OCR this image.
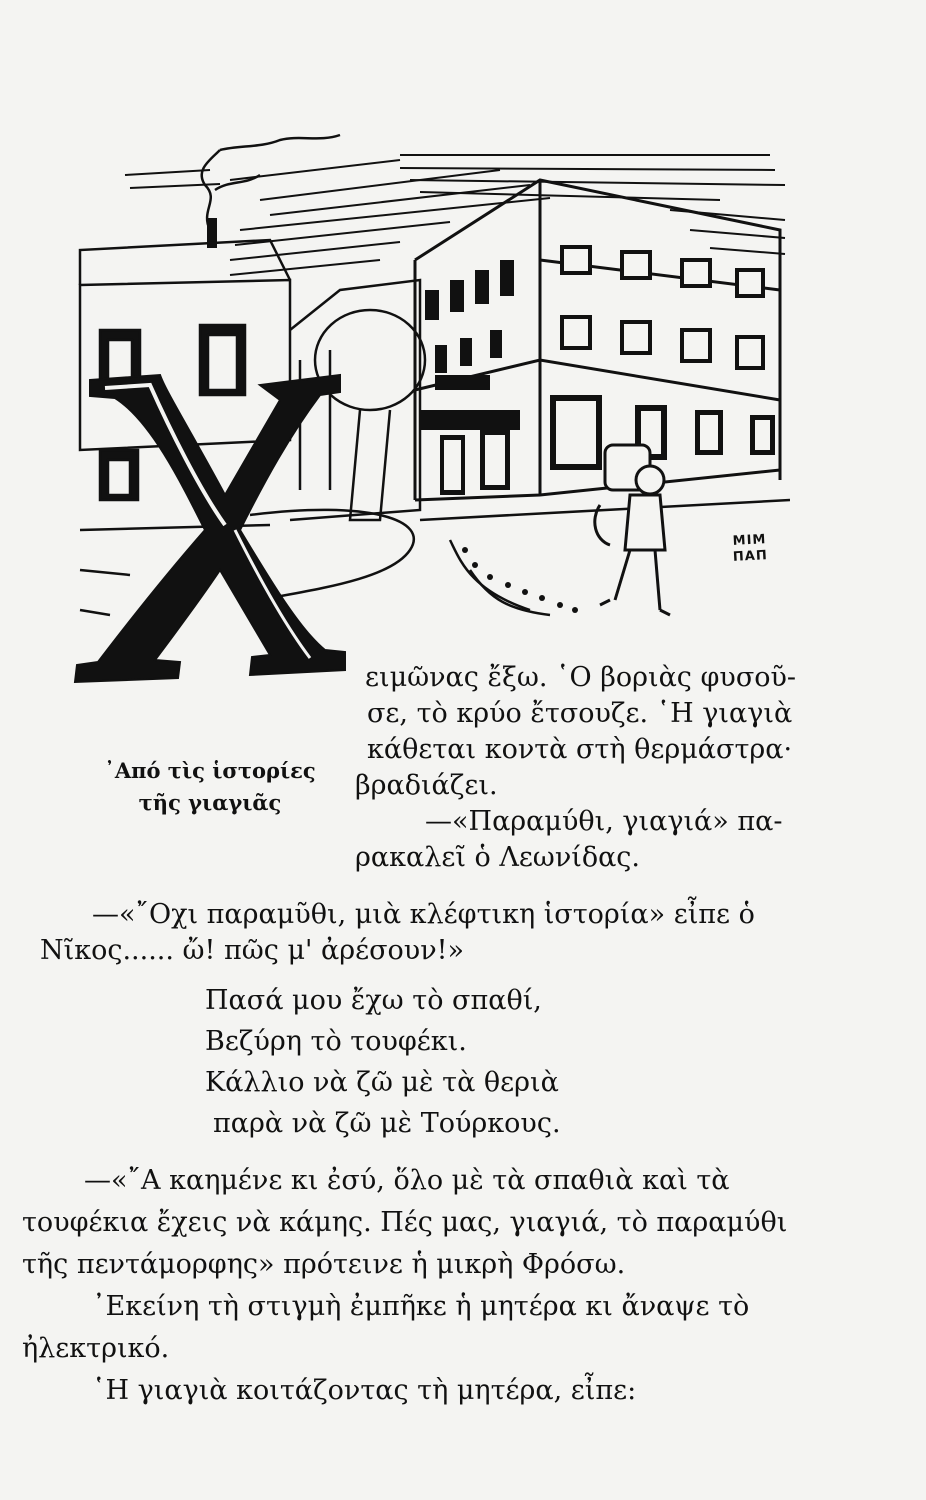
ΜΙΜ
ΠΑΠ
᾿Από τὶς ἱστορίες
τῆς γιαγιᾶς
ειμῶνας ἔξω. ῾Ο βοριὰς φυσοῦ-
σε, τὸ κρύο ἔτσουζε. ῾Η γιαγιὰ
κάθεται κοντὰ στὴ θερμάστρα·
βραδιάζει.
—«Παραμύθι, γιαγιά» πα-
ρακαλεῖ ὁ Λεωνίδας.
—«῎Οχι παραμῦθι, μιὰ κλέφτικη ἱστορία» εἶπε ὁ
Νῖκος...... ὤ! πῶς μ' ἀρέσουν!»
Πασά μου ἔχω τὸ σπαθί,
Βεζύρη τὸ τουφέκι.
Κάλλιο νὰ ζῶ μὲ τὰ θεριὰ
παρὰ νὰ ζῶ μὲ Τούρκους.
—«῎Α καημένε κι ἐσύ, ὅλο μὲ τὰ σπαθιὰ καὶ τὰ
τουφέκια ἔχεις νὰ κάμης. Πές μας, γιαγιά, τὸ παραμύθι
τῆς πεντάμορφης» πρότεινε ἡ μικρὴ Φρόσω.
᾿Εκείνη τὴ στιγμὴ ἐμπῆκε ἡ μητέρα κι ἄναψε τὸ
ἠλεκτρικό.
῾Η γιαγιὰ κοιτάζοντας τὴ μητέρα, εἶπε:
